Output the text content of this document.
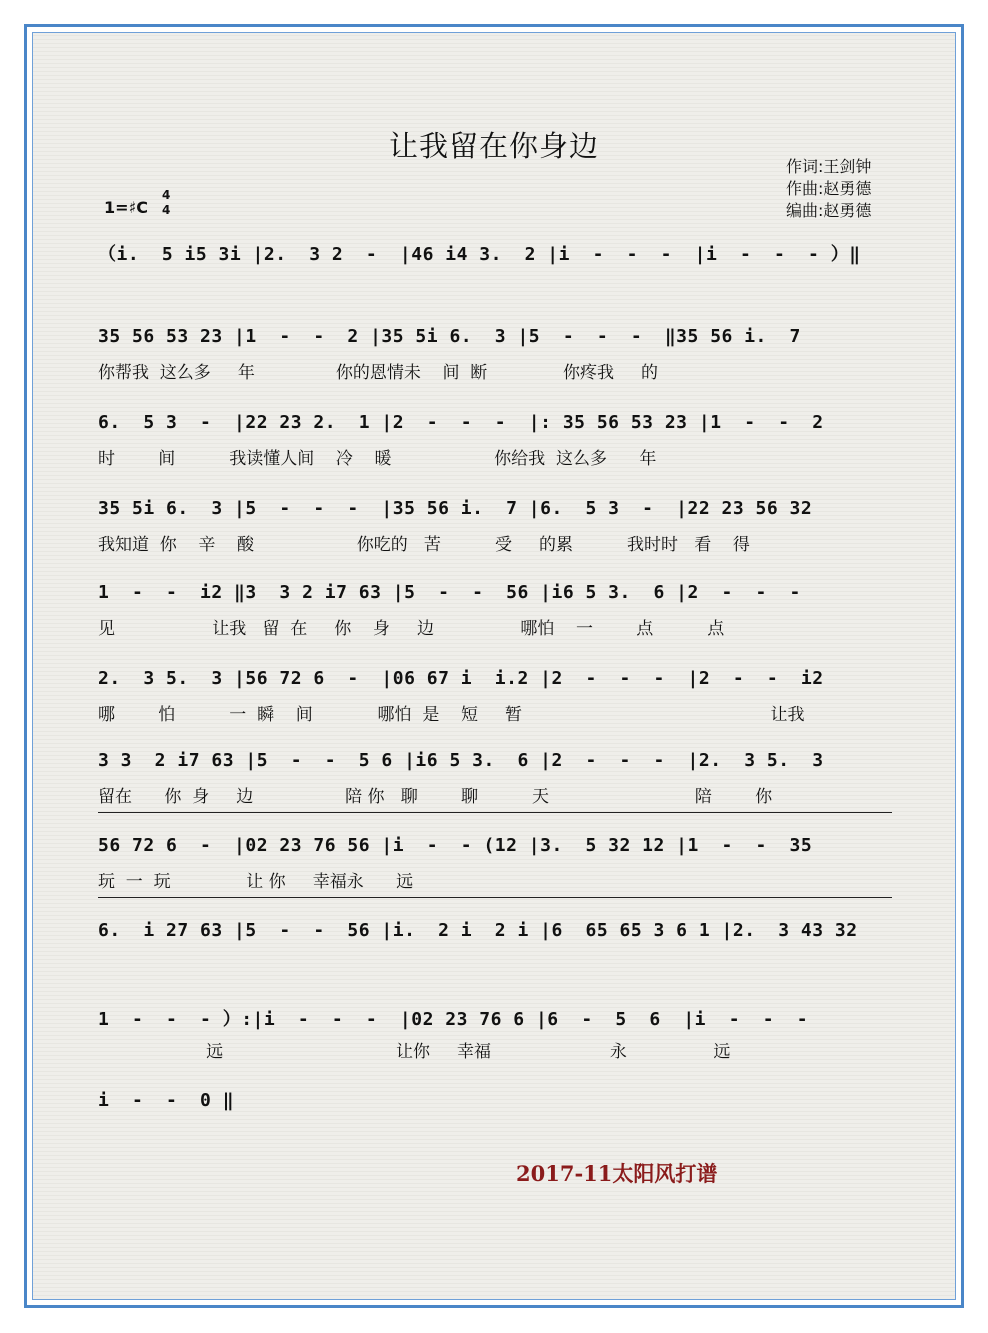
让我留在你身边
作词:王剑钟
作曲:赵勇德
编曲:赵勇德
1=♯C
4
4
（i.  5 i5 3i |2.  3 2  -  |46 i4 3.  2 |i  -  -  -  |i  -  -  - ）‖
35 56 53 23 |1  -  -  2 |35 5i 6.  3 |5  -  -  -  ‖35 56 i.  7
你帮我  这么多     年               你的恩情未    间  断              你疼我     的
6.  5 3  -  |22 23 2.  1 |2  -  -  -  |: 35 56 53 23 |1  -  -  2
时        间          我读懂人间    冷    暖                   你给我  这么多      年
35 5i 6.  3 |5  -  -  -  |35 56 i.  7 |6.  5 3  -  |22 23 56 32
我知道  你    辛    酸                   你吃的   苦          受     的累          我时时   看    得
1  -  -  i2 ‖3  3 2 i7 63 |5  -  -  56 |i6 5 3.  6 |2  -  -  -
见                  让我   留  在     你    身     边                哪怕    一        点          点
2.  3 5.  3 |56 72 6  -  |06 67 i  i.2 |2  -  -  -  |2  -  -  i2
哪        怕          一  瞬    间            哪怕  是    短     暂                                              让我
3 3  2 i7 63 |5  -  -  5 6 |i6 5 3.  6 |2  -  -  -  |2.  3 5.  3
留在      你  身     边                 陪 你   聊        聊          天                           陪        你
56 72 6  -  |02 23 76 56 |i  -  - (12 |3.  5 32 12 |1  -  -  35
玩  一  玩              让 你     幸福永      远
6.  i 27 63 |5  -  -  56 |i.  2 i  2 i |6  65 65 3 6 1 |2.  3 43 32
1  -  -  - ）:|i  -  -  -  |02 23 76 6 |6  -  5  6  |i  -  -  -
远                                让你     幸福                      永                远
i  -  -  0 ‖
2017-11太阳风打谱
